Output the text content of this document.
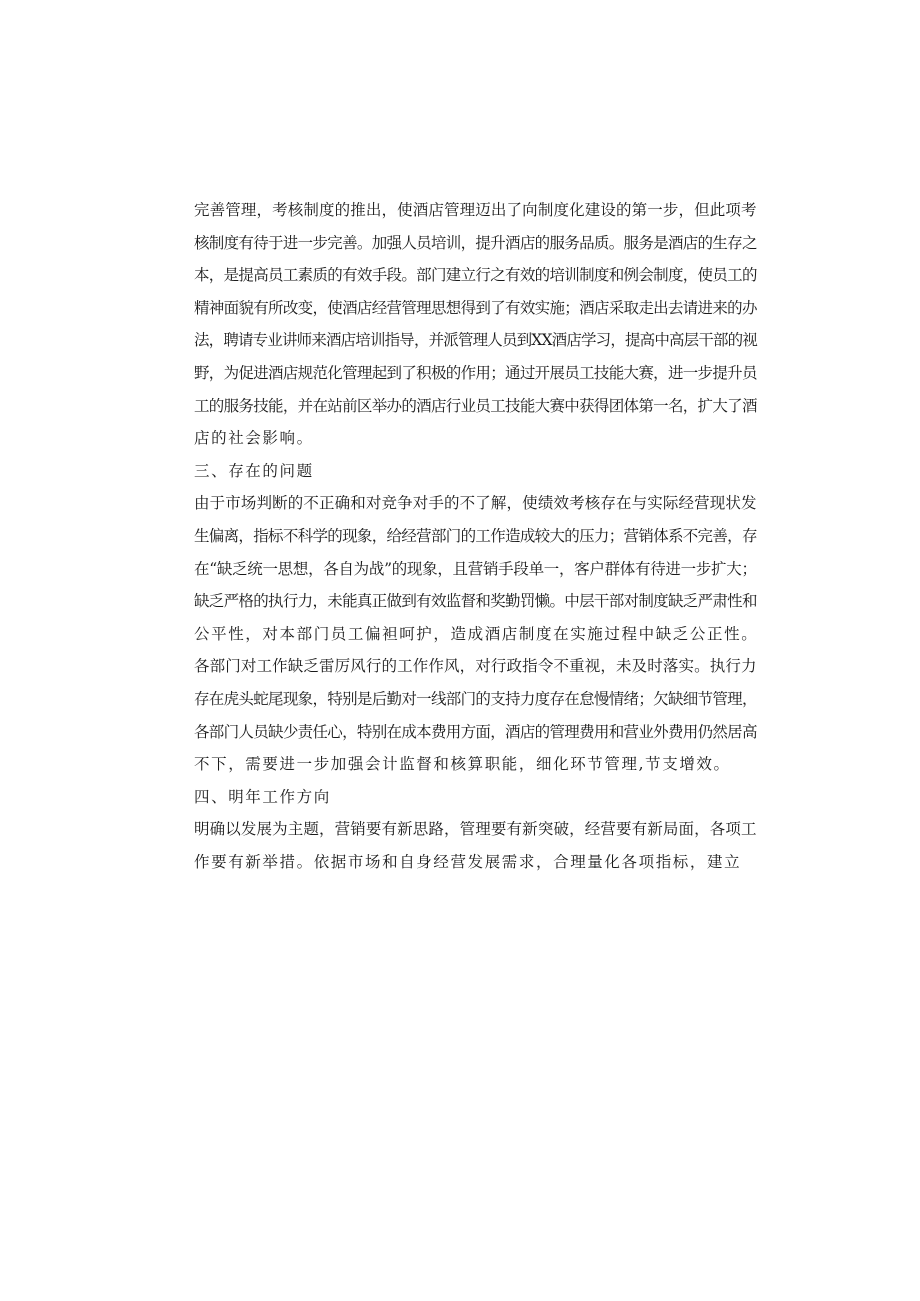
完善管理，考核制度的推出，使酒店管理迈出了向制度化建设的第一步，但此项考
核制度有待于进一步完善。加强人员培训，提升酒店的服务品质。服务是酒店的生存之
本，是提高员工素质的有效手段。部门建立行之有效的培训制度和例会制度，使员工的
精神面貌有所改变，使酒店经营管理思想得到了有效实施；酒店采取走出去请进来的办
法，聘请专业讲师来酒店培训指导，并派管理人员到XX酒店学习，提高中高层干部的视
野，为促进酒店规范化管理起到了积极的作用；通过开展员工技能大赛，进一步提升员
工的服务技能，并在站前区举办的酒店行业员工技能大赛中获得团体第一名，扩大了酒
店的社会影响。
三、存在的问题
由于市场判断的不正确和对竞争对手的不了解，使绩效考核存在与实际经营现状发
生偏离，指标不科学的现象，给经营部门的工作造成较大的压力；营销体系不完善，存
在“缺乏统一思想，各自为战”的现象，且营销手段单一，客户群体有待进一步扩大；
缺乏严格的执行力，未能真正做到有效监督和奖勤罚懒。中层干部对制度缺乏严肃性和
公平性，对本部门员工偏袒呵护，造成酒店制度在实施过程中缺乏公正性。
各部门对工作缺乏雷厉风行的工作作风，对行政指令不重视，未及时落实。执行力
存在虎头蛇尾现象，特别是后勤对一线部门的支持力度存在怠慢情绪；欠缺细节管理，
各部门人员缺少责任心，特别在成本费用方面，酒店的管理费用和营业外费用仍然居高
不下，需要进一步加强会计监督和核算职能，细化环节管理,节支增效。
四、明年工作方向
明确以发展为主题，营销要有新思路，管理要有新突破，经营要有新局面，各项工
作要有新举措。依据市场和自身经营发展需求，合理量化各项指标，建立
